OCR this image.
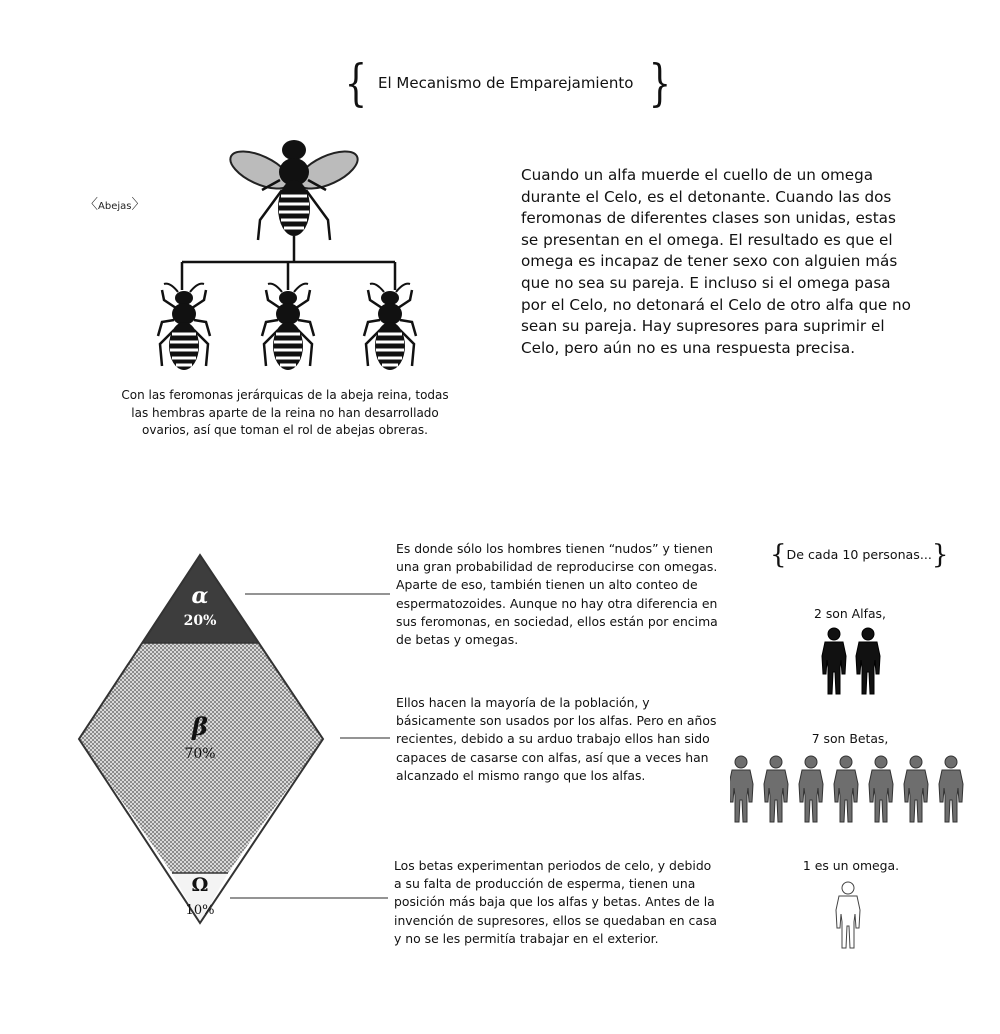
{ El Mecanismo de Emparejamiento }
〈Abejas〉
Cuando un alfa muerde el cuello de un omega durante el Celo, es el detonante. Cuando las dos feromonas de diferentes clases son unidas, estas se presentan en el omega. El resultado es que el omega es incapaz de tener sexo con alguien más que no sea su pareja. E incluso si el omega pasa por el Celo, no detonará el Celo de otro alfa que no sean su pareja. Hay supresores para suprimir el Celo, pero aún no es una respuesta precisa.
Con las feromonas jerárquicas de la abeja reina, todas las hembras aparte de la reina no han desarrollado ovarios, así que toman el rol de abejas obreras.
α
20%
β
70%
Ω
10%
Es donde sólo los hombres tienen “nudos” y tienen una gran probabilidad de reproducirse con omegas. Aparte de eso, también tienen un alto conteo de espermatozoides. Aunque no hay otra diferencia en sus feromonas, en sociedad, ellos están por encima de betas y omegas.
Ellos hacen la mayoría de la población, y básicamente son usados por los alfas. Pero en años recientes, debido a su arduo trabajo ellos han sido capaces de casarse con alfas, así que a veces han alcanzado el mismo rango que los alfas.
Los betas experimentan periodos de celo, y debido a su falta de producción de esperma, tienen una posición más baja que los alfas y betas. Antes de la invención de supresores, ellos se quedaban en casa y no se les permitía trabajar en el exterior.
{De cada 10 personas...}
2 son Alfas,
7 son Betas,
1 es un omega.
